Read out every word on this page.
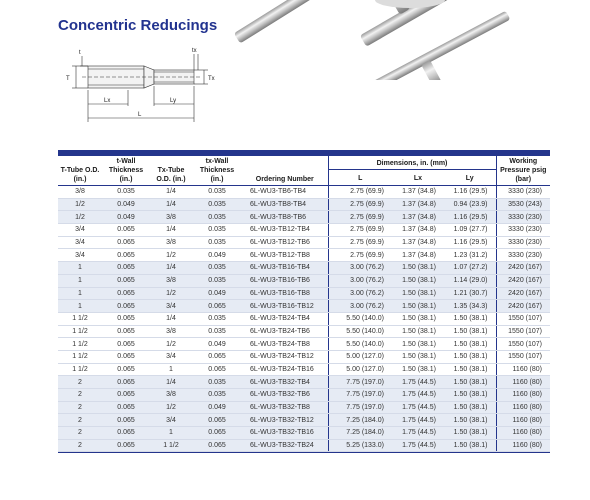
Concentric Reducings
t
T
tx
Tx
Lx	Ly
L
T-Tube O.D. (in.)	t-Wall Thickness (in.)	Tx-Tube O.D. (in.)	tx-Wall Thickness (in.)	Ordering Number	Dimensions, in. (mm)			Working Pressure psig (bar)
					L	Lx	Ly	
3/8	0.035	1/4	0.035	6L-WU3-TB6-TB4	2.75 (69.9)	1.37 (34.8)	1.16 (29.5)	3330 (230)
1/2	0.049	1/4	0.035	6L-WU3-TB8-TB4	2.75 (69.9)	1.37 (34.8)	0.94 (23.9)	3530 (243)
1/2	0.049	3/8	0.035	6L-WU3-TB8-TB6	2.75 (69.9)	1.37 (34.8)	1.16 (29.5)	3330 (230)
3/4	0.065	1/4	0.035	6L-WU3-TB12-TB4	2.75 (69.9)	1.37 (34.8)	1.09 (27.7)	3330 (230)
3/4	0.065	3/8	0.035	6L-WU3-TB12-TB6	2.75 (69.9)	1.37 (34.8)	1.16 (29.5)	3330 (230)
3/4	0.065	1/2	0.049	6L-WU3-TB12-TB8	2.75 (69.9)	1.37 (34.8)	1.23 (31.2)	3330 (230)
1	0.065	1/4	0.035	6L-WU3-TB16-TB4	3.00 (76.2)	1.50 (38.1)	1.07 (27.2)	2420 (167)
1	0.065	3/8	0.035	6L-WU3-TB16-TB6	3.00 (76.2)	1.50 (38.1)	1.14 (29.0)	2420 (167)
1	0.065	1/2	0.049	6L-WU3-TB16-TB8	3.00 (76.2)	1.50 (38.1)	1.21 (30.7)	2420 (167)
1	0.065	3/4	0.065	6L-WU3-TB16-TB12	3.00 (76.2)	1.50 (38.1)	1.35 (34.3)	2420 (167)
1 1/2	0.065	1/4	0.035	6L-WU3-TB24-TB4	5.50 (140.0)	1.50 (38.1)	1.50 (38.1)	1550 (107)
1 1/2	0.065	3/8	0.035	6L-WU3-TB24-TB6	5.50 (140.0)	1.50 (38.1)	1.50 (38.1)	1550 (107)
1 1/2	0.065	1/2	0.049	6L-WU3-TB24-TB8	5.50 (140.0)	1.50 (38.1)	1.50 (38.1)	1550 (107)
1 1/2	0.065	3/4	0.065	6L-WU3-TB24-TB12	5.00 (127.0)	1.50 (38.1)	1.50 (38.1)	1550 (107)
1 1/2	0.065	1	0.065	6L-WU3-TB24-TB16	5.00 (127.0)	1.50 (38.1)	1.50 (38.1)	1160 (80)
2	0.065	1/4	0.035	6L-WU3-TB32-TB4	7.75 (197.0)	1.75 (44.5)	1.50 (38.1)	1160 (80)
2	0.065	3/8	0.035	6L-WU3-TB32-TB6	7.75 (197.0)	1.75 (44.5)	1.50 (38.1)	1160 (80)
2	0.065	1/2	0.049	6L-WU3-TB32-TB8	7.75 (197.0)	1.75 (44.5)	1.50 (38.1)	1160 (80)
2	0.065	3/4	0.065	6L-WU3-TB32-TB12	7.25 (184.0)	1.75 (44.5)	1.50 (38.1)	1160 (80)
2	0.065	1	0.065	6L-WU3-TB32-TB16	7.25 (184.0)	1.75 (44.5)	1.50 (38.1)	1160 (80)
2	0.065	1 1/2	0.065	6L-WU3-TB32-TB24	5.25 (133.0)	1.75 (44.5)	1.50 (38.1)	1160 (80)
